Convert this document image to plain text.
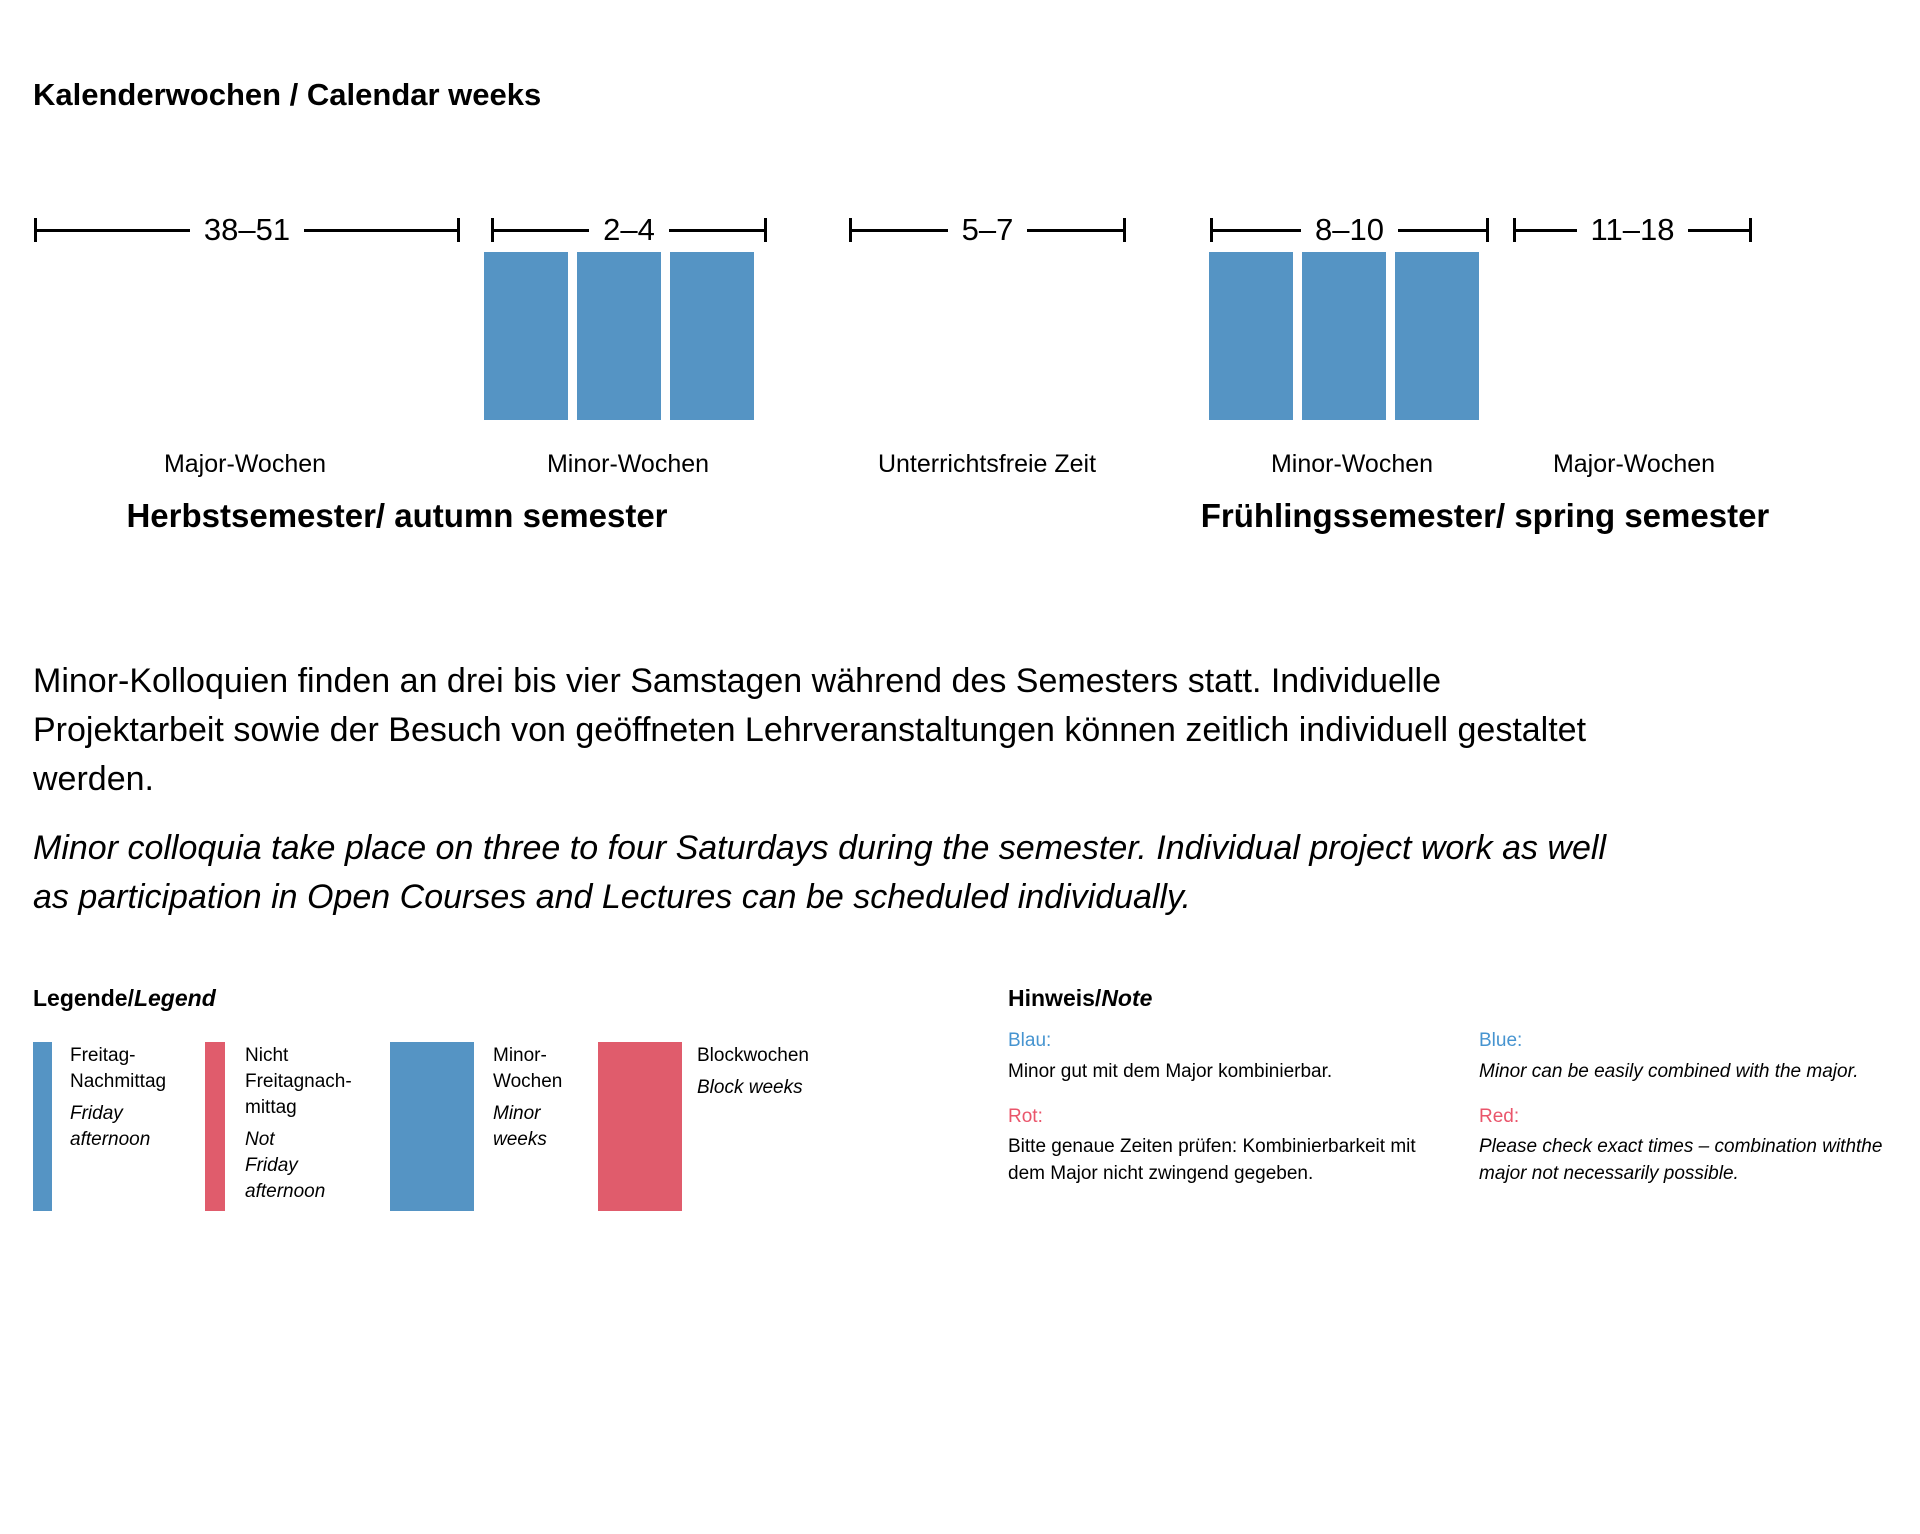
Kalenderwochen / Calendar weeks
38–51	2–4	5–7	8–10	11–18
Major-Wochen	Minor-Wochen	Unterrichtsfreie Zeit	Minor-Wochen	Major-Wochen
Herbstsemester/ autumn semester	Frühlingssemester/ spring semester
Minor-Kolloquien finden an drei bis vier Samstagen während des Semesters statt. Individuelle
Projektarbeit sowie der Besuch von geöffneten Lehrveranstaltungen können zeitlich individuell gestaltet
werden.
Minor colloquia take place on three to four Saturdays during the semester. Individual project work as well
as participation in Open Courses and Lectures can be scheduled individually.
Legende/Legend
Freitag-
Nachmittag
Friday
afternoon
Nicht
Freitagnach-
mittag
Not
Friday
afternoon
Minor-
Wochen
Minor
weeks
Blockwochen
Block weeks
Hinweis/Note
Blau:
Minor gut mit dem Major kombinierbar.
Rot:
Bitte genaue Zeiten prüfen: Kombinierbarkeit mit
dem Major nicht zwingend gegeben.
Blue:
Minor can be easily combined with the major.
Red:
Please check exact times – combination withthe
major not necessarily possible.
